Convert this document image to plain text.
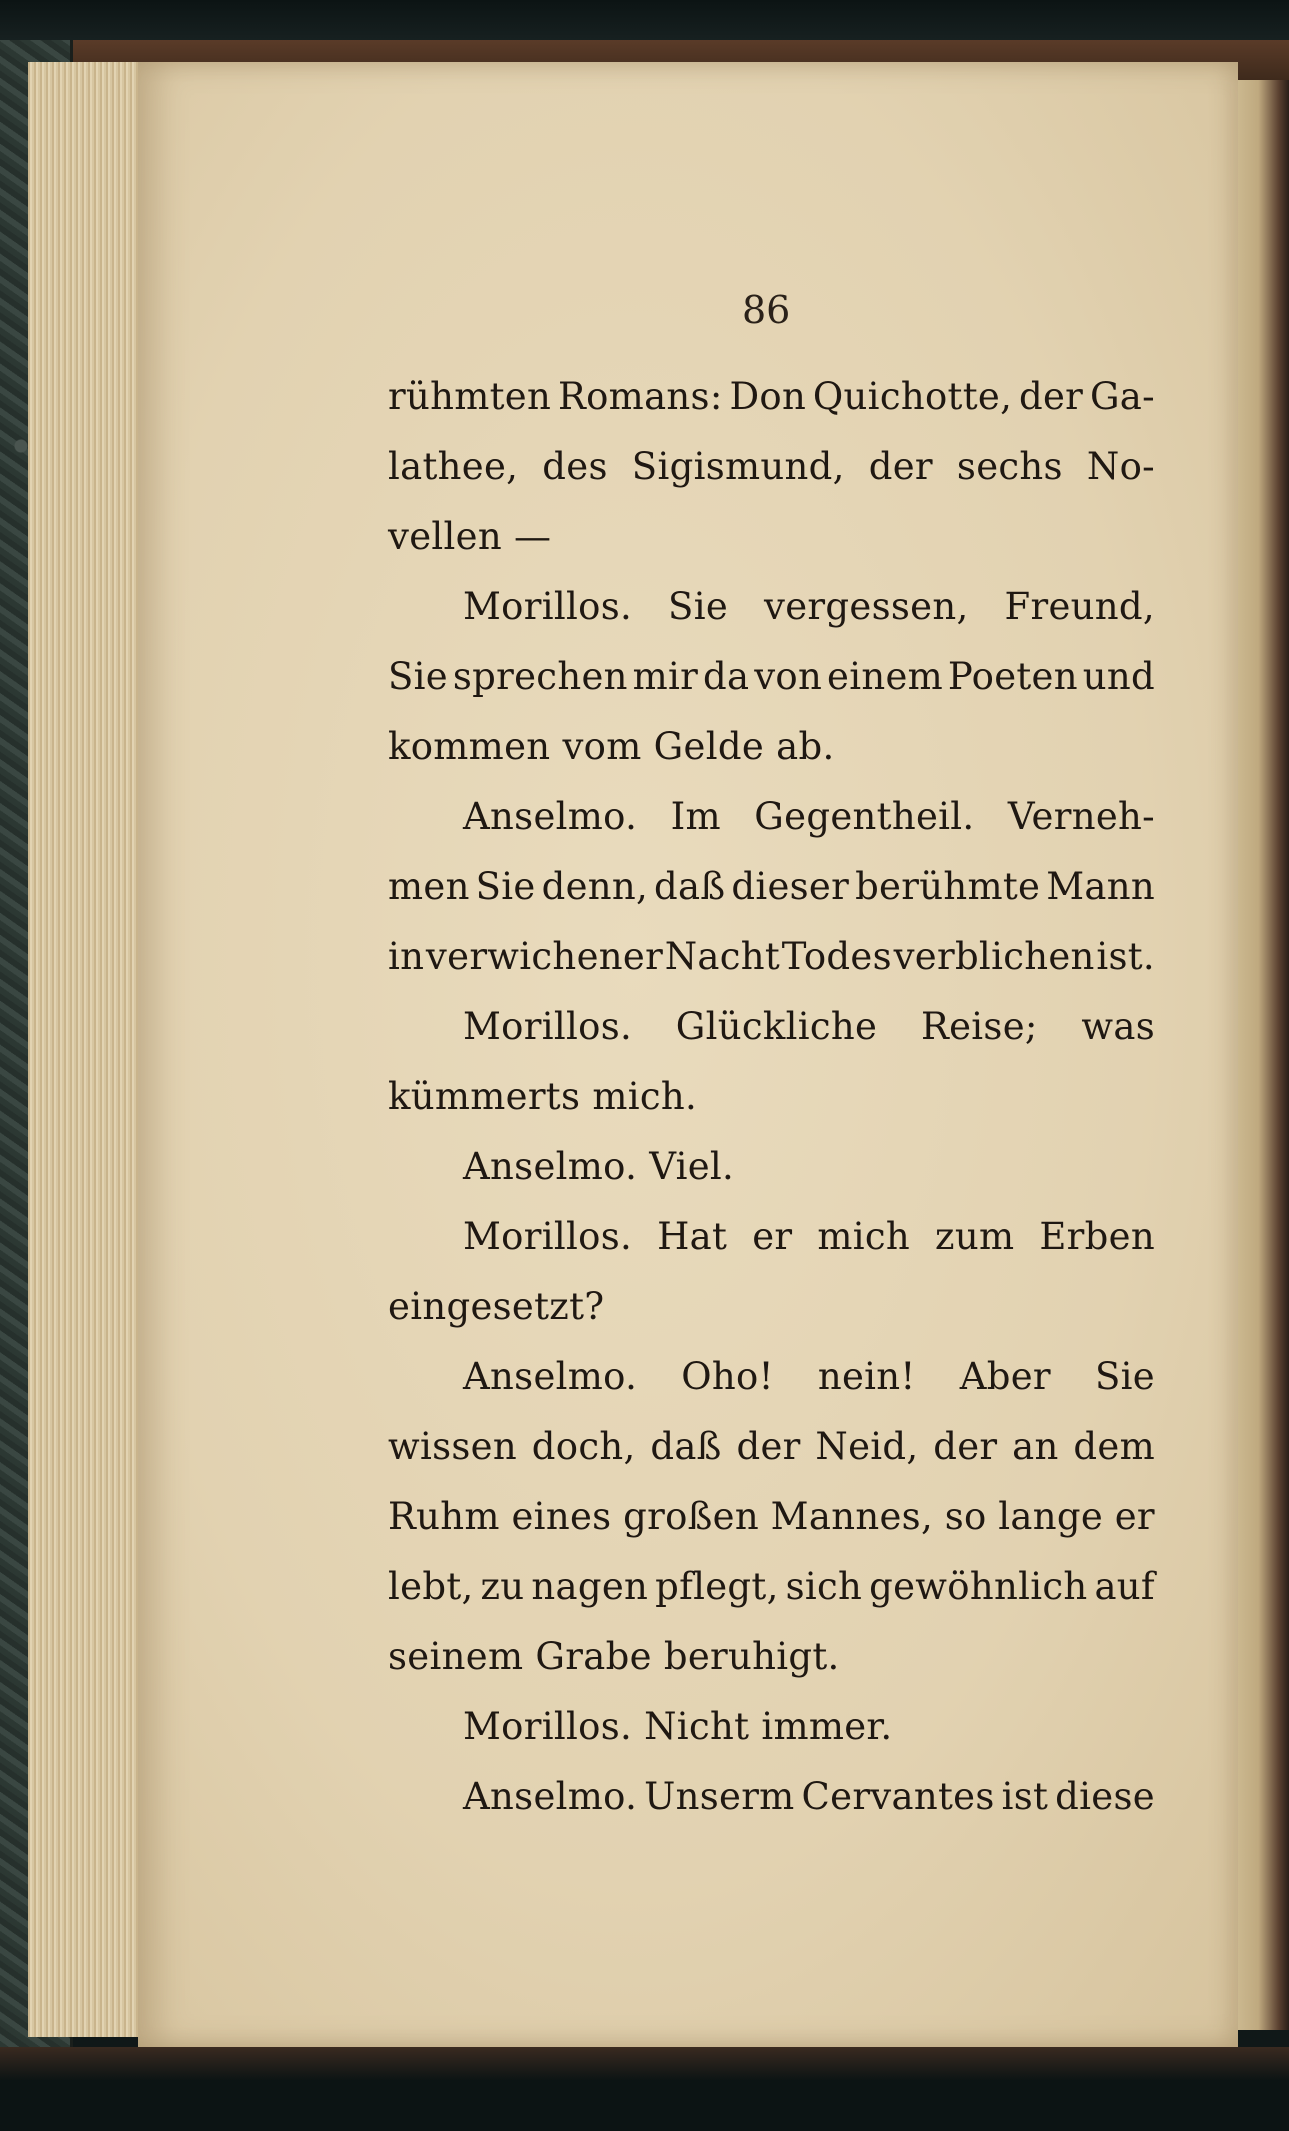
86
rühmten Romans: Don Quichotte, der Ga-
lathee, des Sigismund, der sechs No-
vellen —
Morillos. Sie vergessen, Freund,
Sie sprechen mir da von einem Poeten und
kommen vom Gelde ab.
Anselmo. Im Gegentheil. Verneh-
men Sie denn, daß dieser berühmte Mann
in verwichener Nacht Todes verblichen ist.
Morillos. Glückliche Reise; was
kümmerts mich.
Anselmo. Viel.
Morillos. Hat er mich zum Erben
eingesetzt?
Anselmo. Oho! nein! Aber Sie
wissen doch, daß der Neid, der an dem
Ruhm eines großen Mannes, so lange er
lebt, zu nagen pflegt, sich gewöhnlich auf
seinem Grabe beruhigt.
Morillos. Nicht immer.
Anselmo. Unserm Cervantes ist diese
